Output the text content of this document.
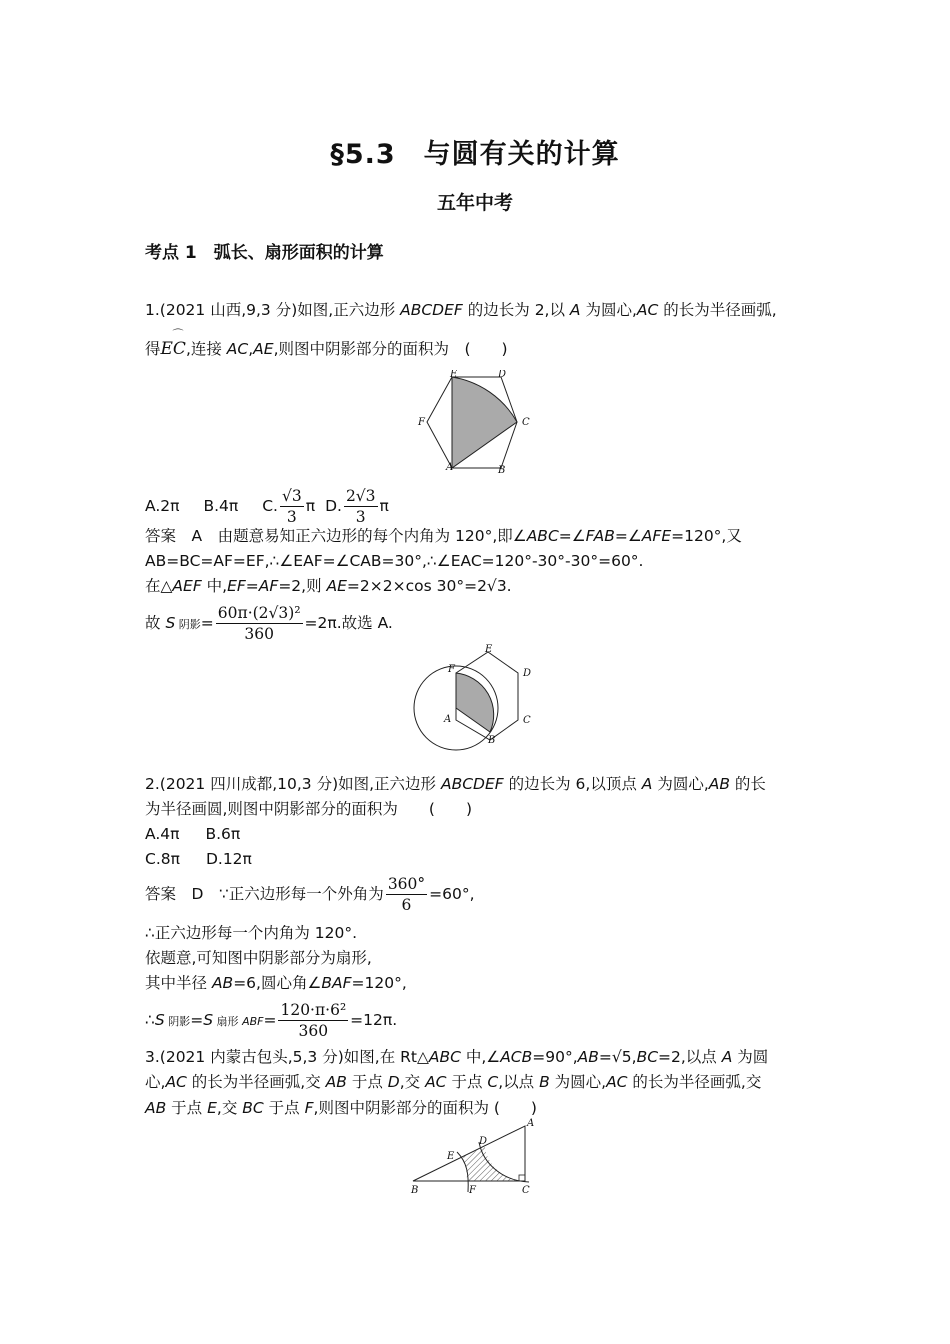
§5.3　与圆有关的计算
五年中考
考点 1　弧长、扇形面积的计算
1.(2021 山西,9,3 分)如图,正六边形 ABCDEF 的边长为 2,以 A 为圆心,AC 的长为半径画弧,
得
⌒
EC,连接 AC,AE,则图中阴影部分的面积为　(　　)
E	D
F	C
A	B
A.2π B.4π C. $\frac{√3}{3}$ π D. $\frac{2√3}{3}$ π
答案　A　由题意易知正六边形的每个内角为 120°,即∠ABC=∠FAB=∠AFE=120°,又
AB=BC=AF=EF,∴∠EAF=∠CAB=30°,∴∠EAC=120°-30°-30°=60°.
在△AEF 中,EF=AF=2,则 AE=2×2×cos 30°=2√3.
故 S 阴影= $\frac{\text{60π·(2√3)²}}{360} =2\pi$.故选 A.
F
E
D
A	C
B
2.(2021 四川成都,10,3 分)如图,正六边形 ABCDEF 的边长为 6,以顶点 A 为圆心,AB 的长
为半径画圆,则图中阴影部分的面积为　　(　　)
A.4π B.6π
C.8π D.12π
答案　D　∵正六边形每一个外角为 $\frac{360^\circ}{6} =60^\circ$,
∴正六边形每一个内角为 120°.
依题意,可知图中阴影部分为扇形,
其中半径 AB=6,圆心角∠BAF=120°,
∴S 阴影=S 扇形 $ABF= \frac{\text{120·π·6²}}{360} =12\pi$.
3.(2021 内蒙古包头,5,3 分)如图,在 Rt△ABC 中,∠ACB=90°,AB=√5,BC=2,以点 A 为圆
心,AC 的长为半径画弧,交 AB 于点 D,交 AC 于点 C,以点 B 为圆心,AC 的长为半径画弧,交
AB 于点 E,交 BC 于点 F,则图中阴影部分的面积为 (　　)
A
D
E
B	F	C
